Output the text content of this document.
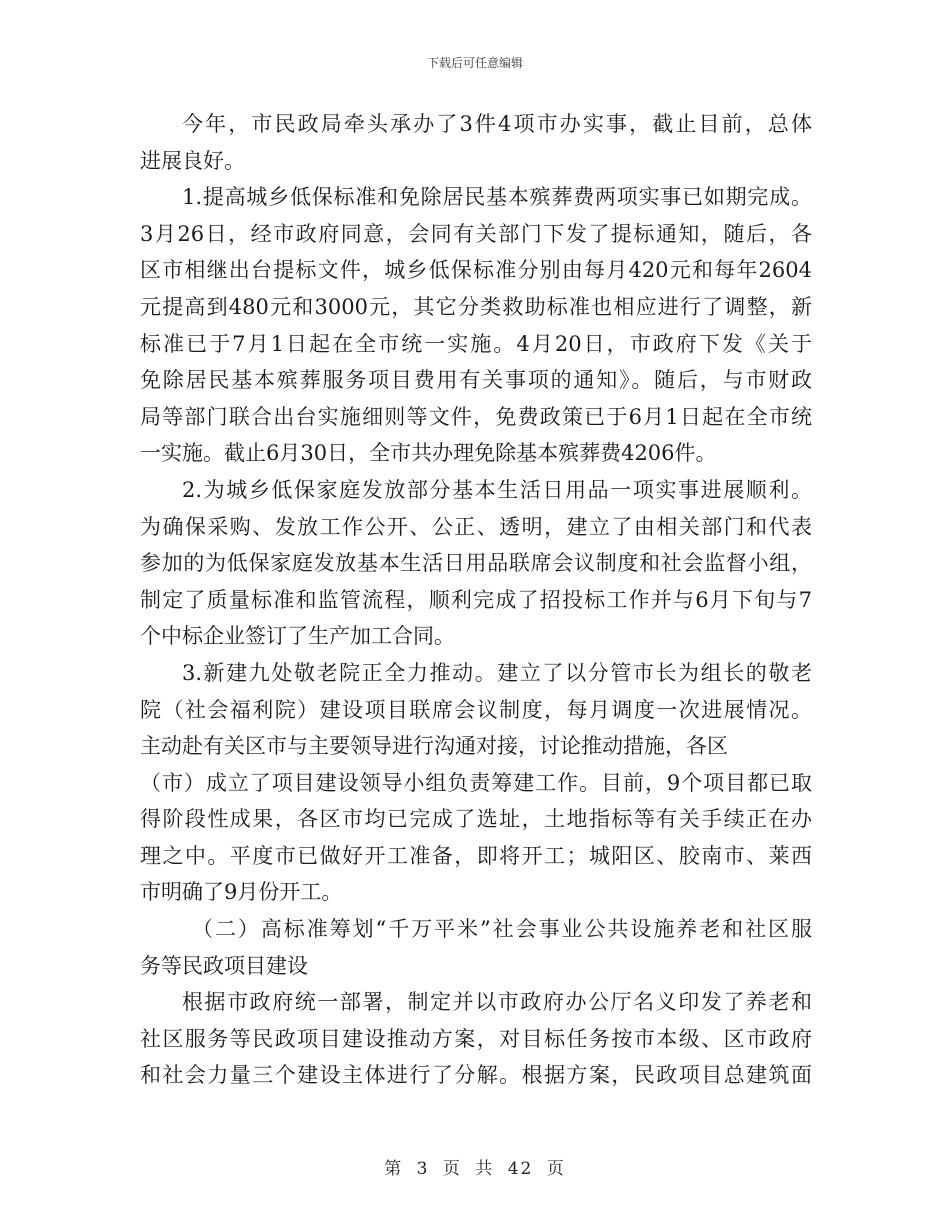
下载后可任意编辑
今年，市民政局牵头承办了3件4项市办实事，截止目前，总体
进展良好。
1.提高城乡低保标准和免除居民基本殡葬费两项实事已如期完成。
3月26日，经市政府同意，会同有关部门下发了提标通知，随后，各
区市相继出台提标文件，城乡低保标准分别由每月420元和每年2604
元提高到480元和3000元，其它分类救助标准也相应进行了调整，新
标准已于7月1日起在全市统一实施。4月20日，市政府下发《关于
免除居民基本殡葬服务项目费用有关事项的通知》。随后，与市财政
局等部门联合出台实施细则等文件，免费政策已于6月1日起在全市统
一实施。截止6月30日，全市共办理免除基本殡葬费4206件。
2.为城乡低保家庭发放部分基本生活日用品一项实事进展顺利。
为确保采购、发放工作公开、公正、透明，建立了由相关部门和代表
参加的为低保家庭发放基本生活日用品联席会议制度和社会监督小组，
制定了质量标准和监管流程，顺利完成了招投标工作并与6月下旬与7
个中标企业签订了生产加工合同。
3.新建九处敬老院正全力推动。建立了以分管市长为组长的敬老
院（社会福利院）建设项目联席会议制度，每月调度一次进展情况。
主动赴有关区市与主要领导进行沟通对接，讨论推动措施，各区
（市）成立了项目建设领导小组负责筹建工作。目前，9个项目都已取
得阶段性成果，各区市均已完成了选址，土地指标等有关手续正在办
理之中。平度市已做好开工准备，即将开工；城阳区、胶南市、莱西
市明确了9月份开工。
（二）高标准筹划“千万平米”社会事业公共设施养老和社区服
务等民政项目建设
根据市政府统一部署，制定并以市政府办公厅名义印发了养老和
社区服务等民政项目建设推动方案，对目标任务按市本级、区市政府
和社会力量三个建设主体进行了分解。根据方案，民政项目总建筑面
第 3 页 共 42 页
